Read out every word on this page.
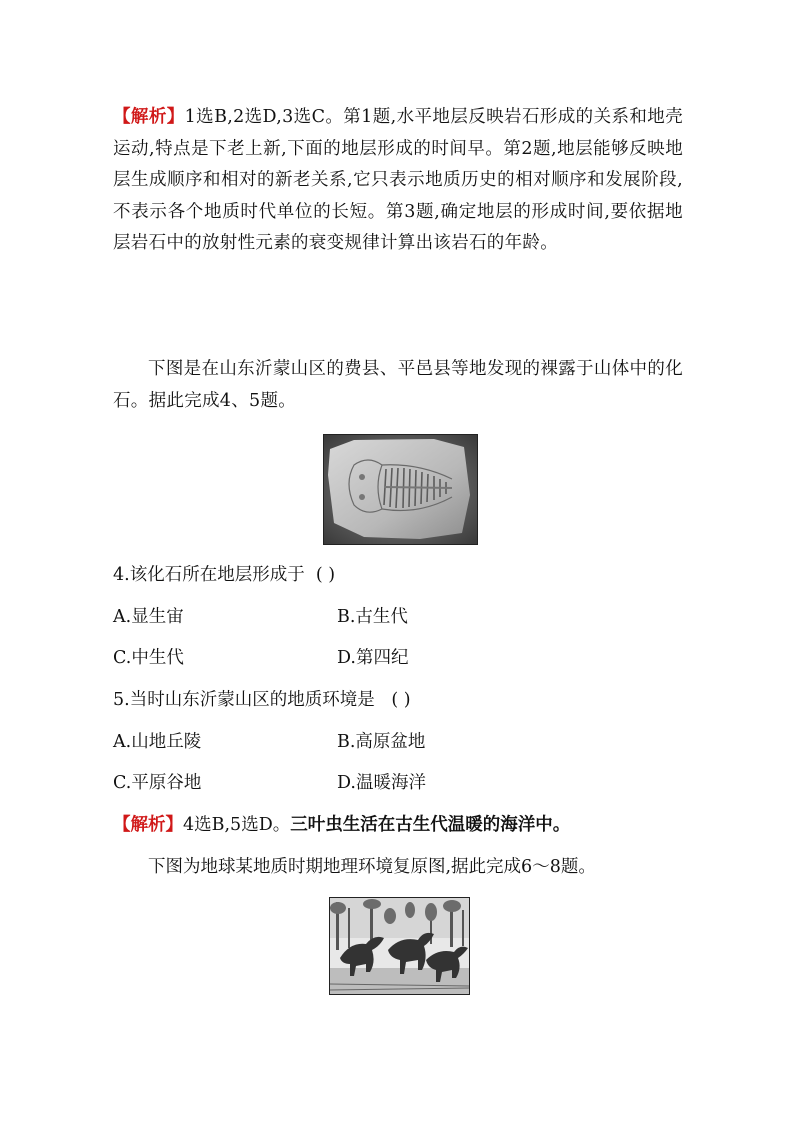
【解析】1选B,2选D,3选C。第1题,水平地层反映岩石形成的关系和地壳运动,特点是下老上新,下面的地层形成的时间早。第2题,地层能够反映地层生成顺序和相对的新老关系,它只表示地质历史的相对顺序和发展阶段,不表示各个地质时代单位的长短。第3题,确定地层的形成时间,要依据地层岩石中的放射性元素的衰变规律计算出该岩石的年龄。

下图是在山东沂蒙山区的费县、平邑县等地发现的裸露于山体中的化石。据此完成4、5题。

4.该化石所在地层形成于 ( )
A.显生宙	B.古生代
C.中生代	D.第四纪
5.当时山东沂蒙山区的地质环境是 ( )
A.山地丘陵	B.高原盆地
C.平原谷地	D.温暖海洋
【解析】4选B,5选D。三叶虫生活在古生代温暖的海洋中。
下图为地球某地质时期地理环境复原图,据此完成6～8题。
